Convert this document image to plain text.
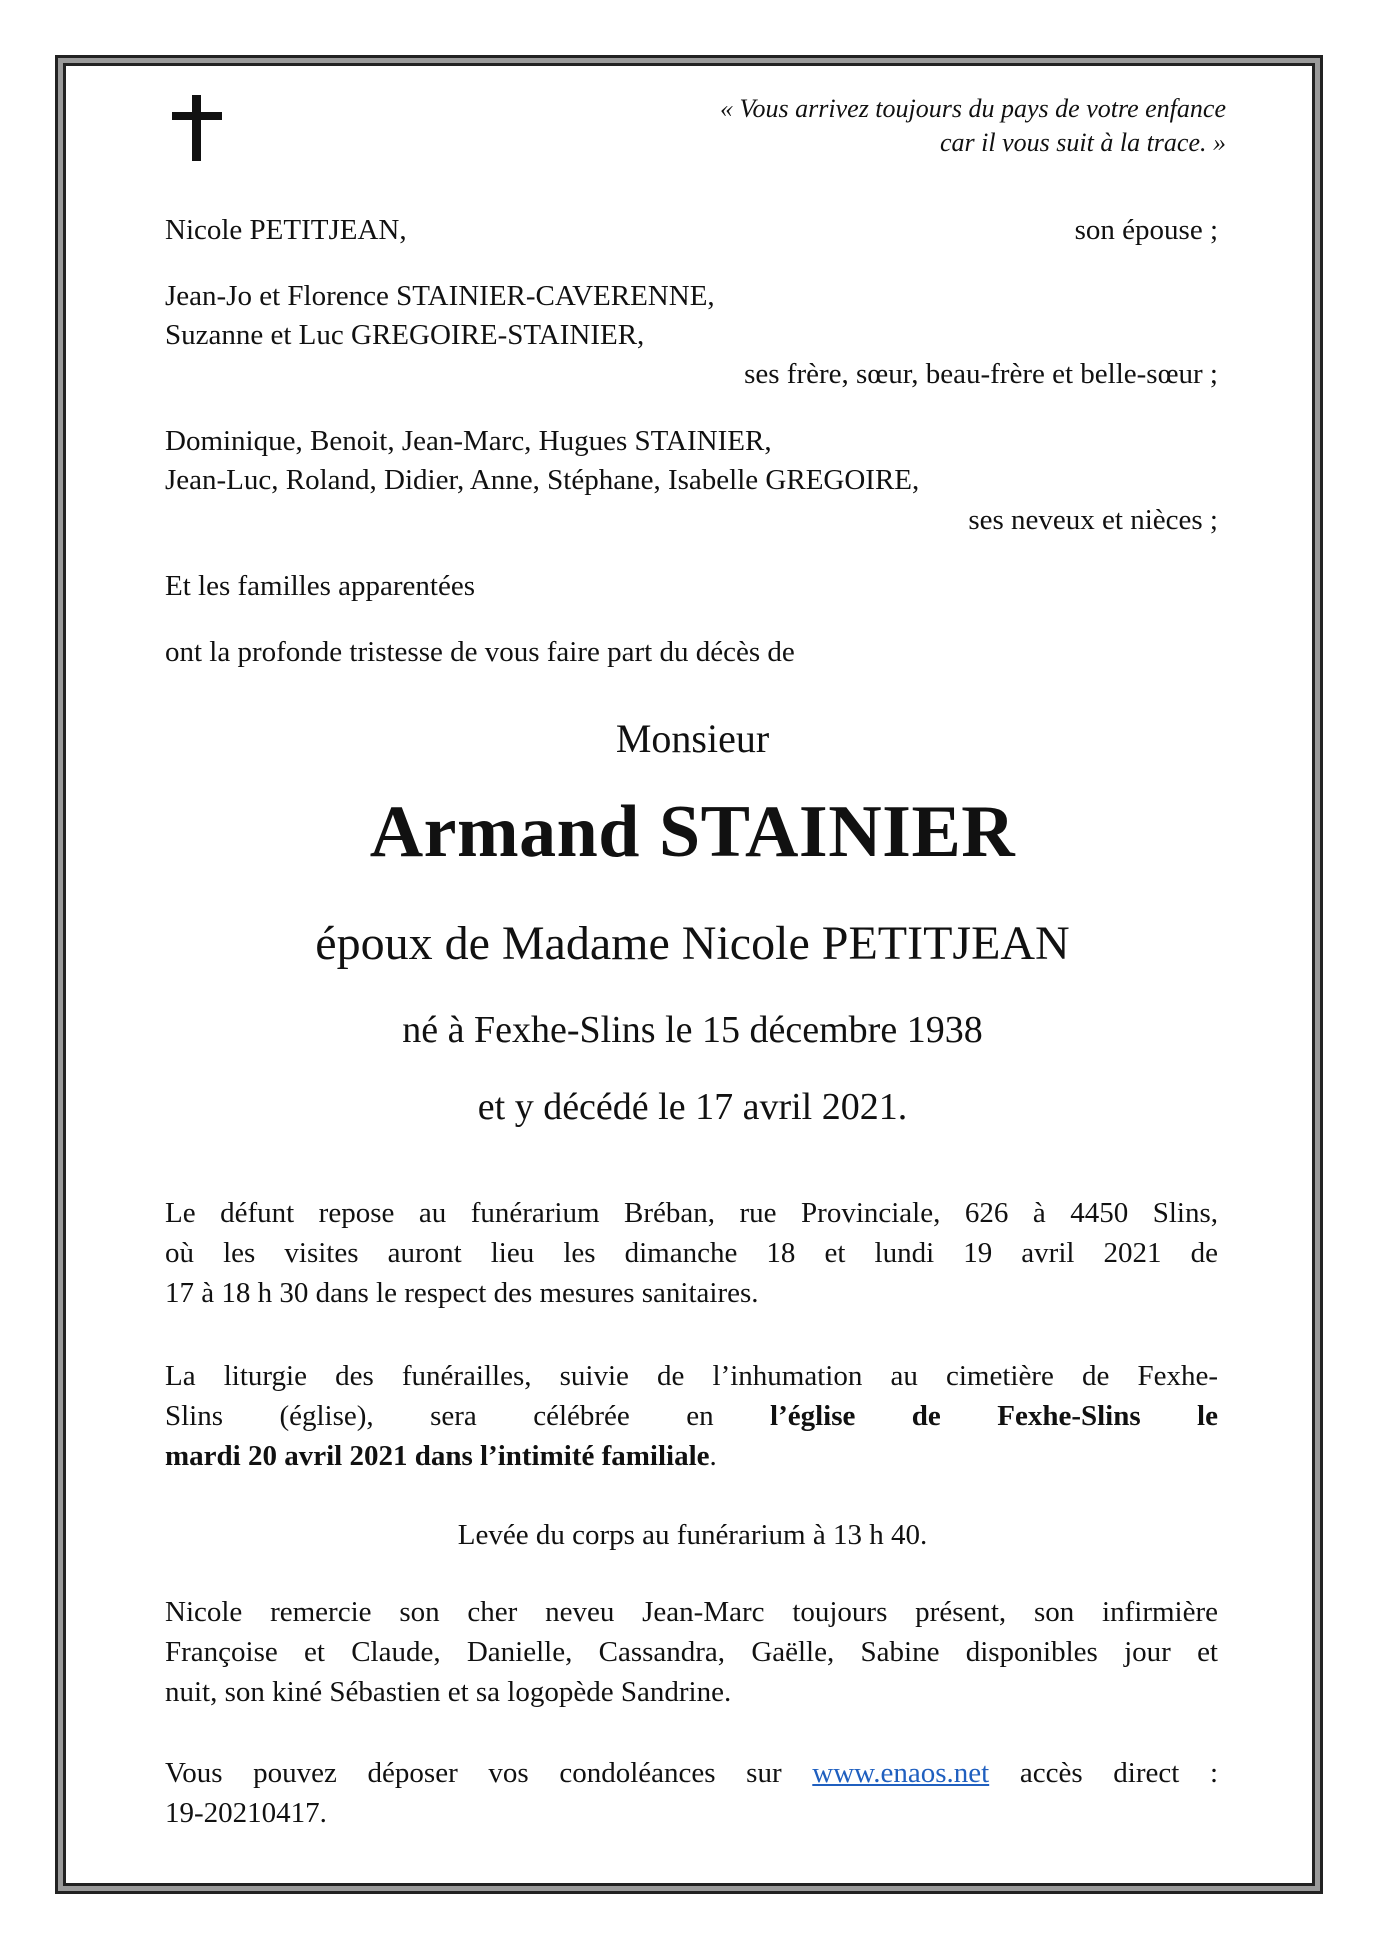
« Vous arrivez toujours du pays de votre enfance
car il vous suit à la trace. »
Nicole PETITJEAN,	son épouse ;
Jean-Jo et Florence STAINIER-CAVERENNE,
Suzanne et Luc GREGOIRE-STAINIER,
ses frère, sœur, beau-frère et belle-sœur ;
Dominique, Benoit, Jean-Marc, Hugues STAINIER,
Jean-Luc, Roland, Didier, Anne, Stéphane, Isabelle GREGOIRE,
ses neveux et nièces ;
Et les familles apparentées
ont la profonde tristesse de vous faire part du décès de
Monsieur
Armand STAINIER
époux de Madame Nicole PETITJEAN
né à Fexhe-Slins le 15 décembre 1938
et y décédé le 17 avril 2021.
Le défunt repose au funérarium Bréban, rue Provinciale, 626 à 4450 Slins,
où les visites auront lieu les dimanche 18 et lundi 19 avril 2021 de
17 à 18 h 30 dans le respect des mesures sanitaires.
La liturgie des funérailles, suivie de l’inhumation au cimetière de Fexhe-
Slins (église), sera célébrée en l’église de Fexhe-Slins le
mardi 20 avril 2021 dans l’intimité familiale.
Levée du corps au funérarium à 13 h 40.
Nicole remercie son cher neveu Jean-Marc toujours présent, son infirmière
Françoise et Claude, Danielle, Cassandra, Gaëlle, Sabine disponibles jour et
nuit, son kiné Sébastien et sa logopède Sandrine.
Vous pouvez déposer vos condoléances sur www.enaos.net accès direct :
19-20210417.
